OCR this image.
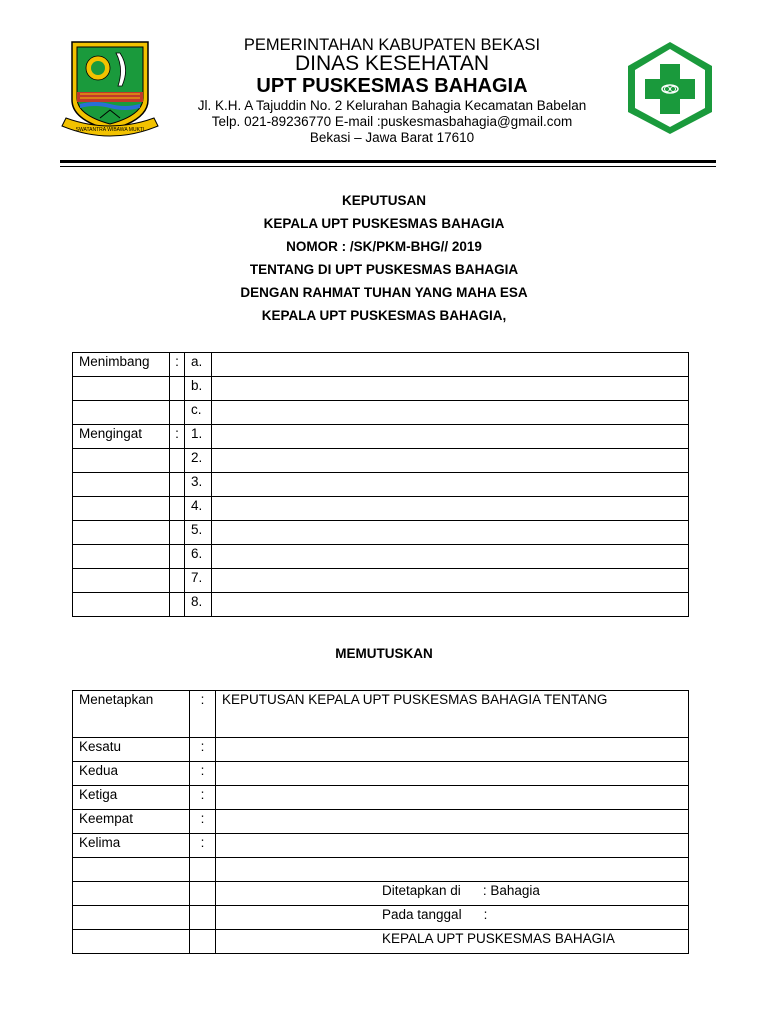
SWATANTRA WIBAWA MUKTI
PEMERINTAHAN KABUPATEN BEKASI
DINAS KESEHATAN
UPT PUSKESMAS BAHAGIA
Jl. K.H. A Tajuddin No. 2 Kelurahan Bahagia Kecamatan Babelan
Telp. 021-89236770 E-mail :puskesmasbahagia@gmail.com
Bekasi – Jawa Barat 17610
KEPUTUSAN
KEPALA UPT PUSKESMAS BAHAGIA
NOMOR : /SK/PKM-BHG// 2019
TENTANG DI UPT PUSKESMAS BAHAGIA
DENGAN RAHMAT TUHAN YANG MAHA ESA
KEPALA UPT PUSKESMAS BAHAGIA,
Menimbang	:	a.	
		b.	
		c.	
Mengingat	:	1.	
		2.	
		3.	
		4.	
		5.	
		6.	
		7.	
		8.	
MEMUTUSKAN
Menetapkan	:	KEPUTUSAN KEPALA UPT PUSKESMAS BAHAGIA TENTANG
Kesatu	:	
Kedua	:	
Ketiga	:	
Keempat	:	
Kelima	:	

		Ditetapkan di : Bahagia
		Pada tanggal :
		KEPALA UPT PUSKESMAS BAHAGIA
